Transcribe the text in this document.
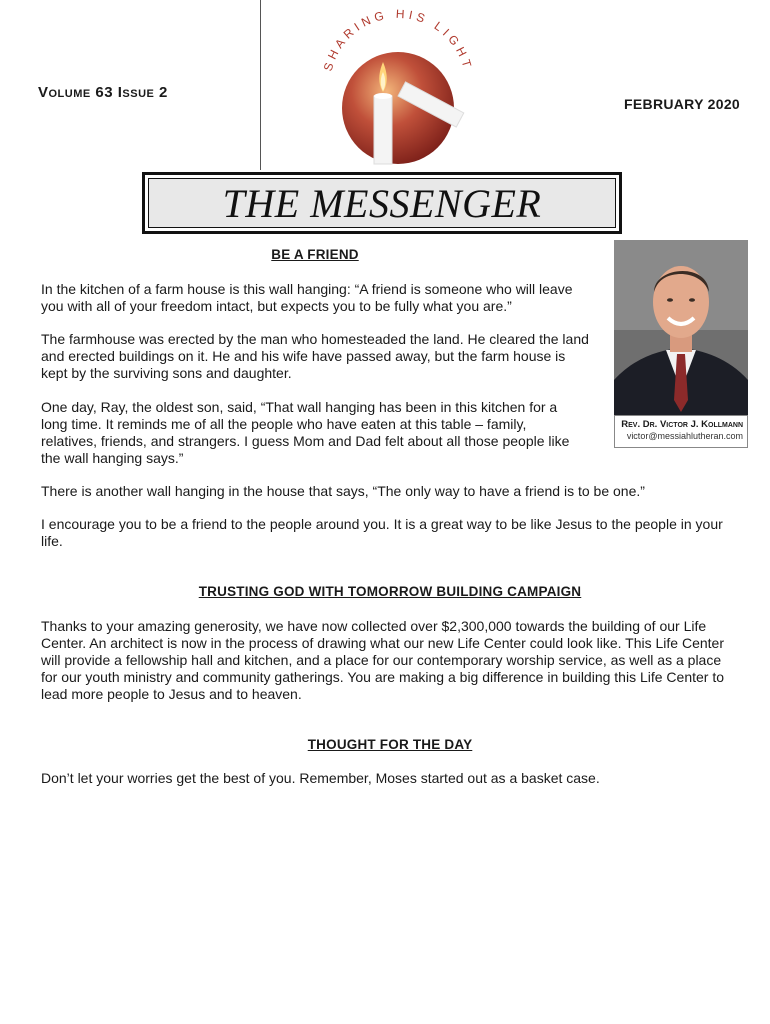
Volume 63 Issue 2
FEBRUARY 2020
SHARING HIS LIGHT
THE MESSENGER
Rev. Dr. Victor J. Kollmann
victor@messiahlutheran.com
BE A FRIEND

In the kitchen of a farm house is this wall hanging: “A friend is someone who will leave you with all of your freedom intact, but expects you to be fully what you are.”

The farmhouse was erected by the man who homesteaded the land. He cleared the land and erected buildings on it. He and his wife have passed away, but the farm house is kept by the surviving sons and daughter.

One day, Ray, the oldest son, said, “That wall hanging has been in this kitchen for a long time. It reminds me of all the people who have eaten at this table – family, relatives, friends, and strangers. I guess Mom and Dad felt about all those people like the wall hanging says.”

There is another wall hanging in the house that says, “The only way to have a friend is to be one.”

I encourage you to be a friend to the people around you. It is a great way to be like Jesus to the people in your life.

TRUSTING GOD WITH TOMORROW BUILDING CAMPAIGN

Thanks to your amazing generosity, we have now collected over $2,300,000 towards the building of our Life Center. An architect is now in the process of drawing what our new Life Center could look like. This Life Center will provide a fellowship hall and kitchen, and a place for our contemporary worship service, as well as a place for our youth ministry and community gatherings. You are making a big difference in building this Life Center to lead more people to Jesus and to heaven.

THOUGHT FOR THE DAY

Don’t let your worries get the best of you. Remember, Moses started out as a basket case.
